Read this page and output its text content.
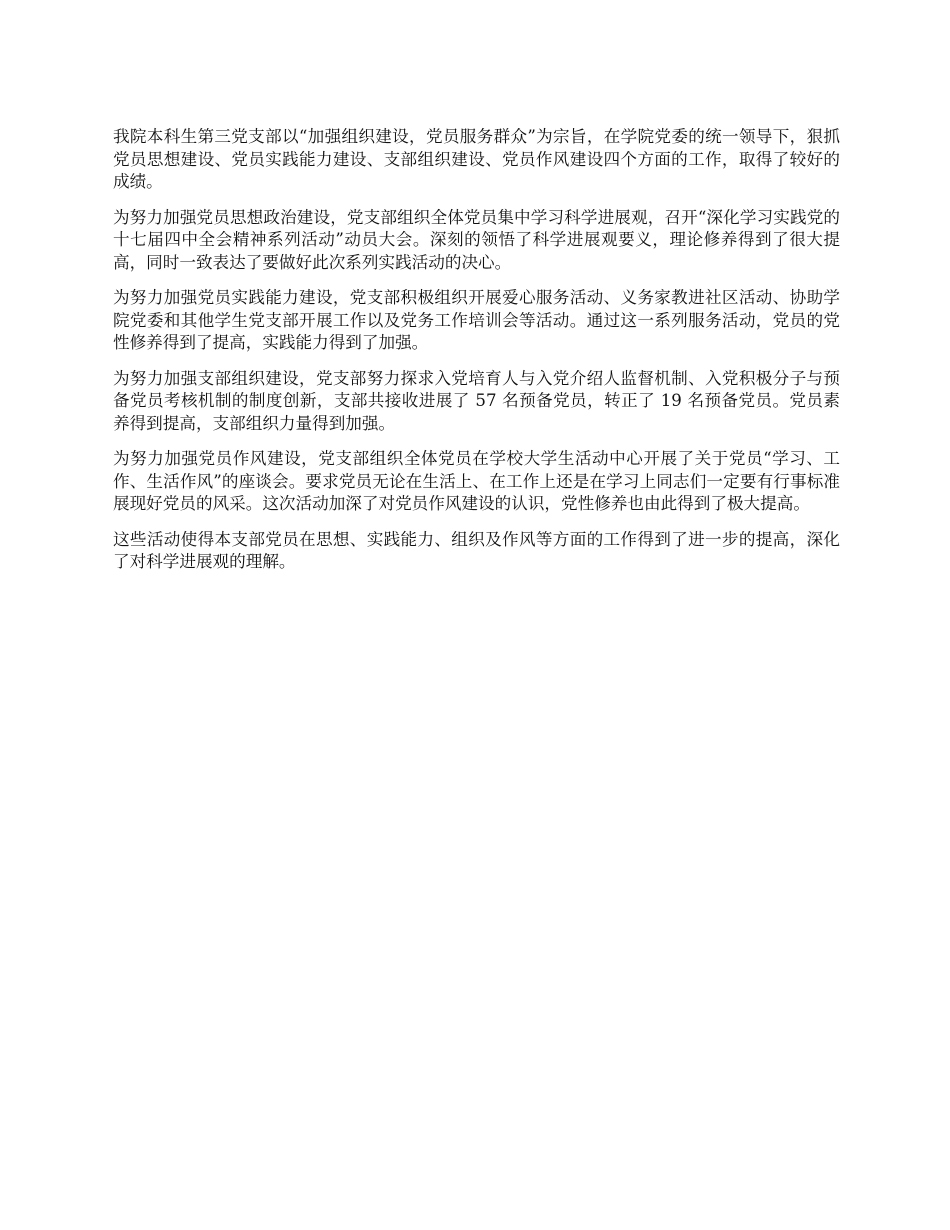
我院本科生第三党支部以“加强组织建设，党员服务群众”为宗旨，在学院党委的统一领导下，狠抓党员思想建设、党员实践能力建设、支部组织建设、党员作风建设四个方面的工作，取得了较好的成绩。

为努力加强党员思想政治建设，党支部组织全体党员集中学习科学进展观，召开“深化学习实践党的十七届四中全会精神系列活动”动员大会。深刻的领悟了科学进展观要义，理论修养得到了很大提高，同时一致表达了要做好此次系列实践活动的决心。

为努力加强党员实践能力建设，党支部积极组织开展爱心服务活动、义务家教进社区活动、协助学院党委和其他学生党支部开展工作以及党务工作培训会等活动。通过这一系列服务活动，党员的党性修养得到了提高，实践能力得到了加强。

为努力加强支部组织建设，党支部努力探求入党培育人与入党介绍人监督机制、入党积极分子与预备党员考核机制的制度创新，支部共接收进展了 57 名预备党员，转正了 19 名预备党员。党员素养得到提高，支部组织力量得到加强。

为努力加强党员作风建设，党支部组织全体党员在学校大学生活动中心开展了关于党员“学习、工作、生活作风”的座谈会。要求党员无论在生活上、在工作上还是在学习上同志们一定要有行事标准展现好党员的风采。这次活动加深了对党员作风建设的认识，党性修养也由此得到了极大提高。

这些活动使得本支部党员在思想、实践能力、组织及作风等方面的工作得到了进一步的提高，深化了对科学进展观的理解。
